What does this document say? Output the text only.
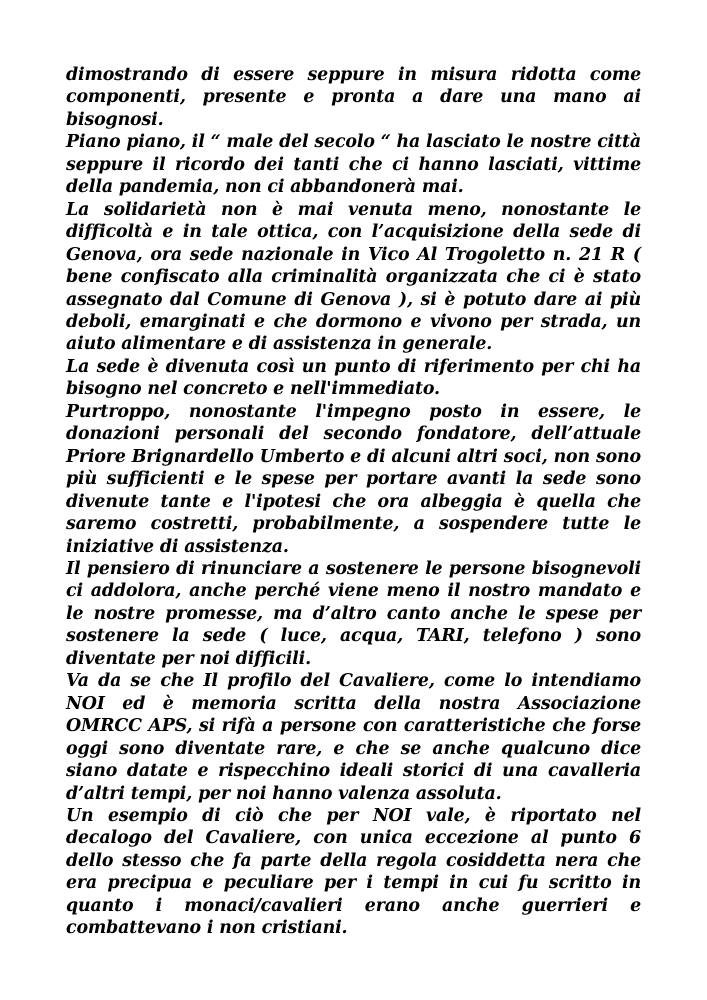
dimostrando di essere seppure in misura ridotta come componenti, presente e pronta a dare una mano ai bisognosi.

Piano piano, il “ male del secolo “ ha lasciato le nostre città seppure il ricordo dei tanti che ci hanno lasciati, vittime della pandemia, non ci abbandonerà mai.

La solidarietà non è mai venuta meno, nonostante le difficoltà e in tale ottica, con l’acquisizione della sede di Genova, ora sede nazionale in Vico Al Trogoletto n. 21 R ( bene confiscato alla criminalità organizzata che ci è stato assegnato dal Comune di Genova ), si è potuto dare ai più deboli, emarginati e che dormono e vivono per strada, un aiuto alimentare e di assistenza in generale.

La sede è divenuta così un punto di riferimento per chi ha bisogno nel concreto e nell'immediato.

Purtroppo, nonostante l'impegno posto in essere, le donazioni personali del secondo fondatore, dell’attuale Priore Brignardello Umberto e di alcuni altri soci, non sono più sufficienti e le spese per portare avanti la sede sono divenute tante e l'ipotesi che ora albeggia è quella che saremo costretti, probabilmente, a sospendere tutte le iniziative di assistenza.

Il pensiero di rinunciare a sostenere le persone bisognevoli ci addolora, anche perché viene meno il nostro mandato e le nostre promesse, ma d’altro canto anche le spese per sostenere la sede ( luce, acqua, TARI, telefono ) sono diventate per noi difficili.

Va da se che Il profilo del Cavaliere, come lo intendiamo NOI ed è memoria scritta della nostra Associazione OMRCC APS, si rifà a persone con caratteristiche che forse oggi sono diventate rare, e che se anche qualcuno dice siano datate e rispecchino ideali storici di una cavalleria d’altri tempi, per noi hanno valenza assoluta.

Un esempio di ciò che per NOI vale, è riportato nel decalogo del Cavaliere, con unica eccezione al punto 6 dello stesso che fa parte della regola cosiddetta nera che era precipua e peculiare per i tempi in cui fu scritto in quanto i monaci/cavalieri erano anche guerrieri e combattevano i non cristiani.
